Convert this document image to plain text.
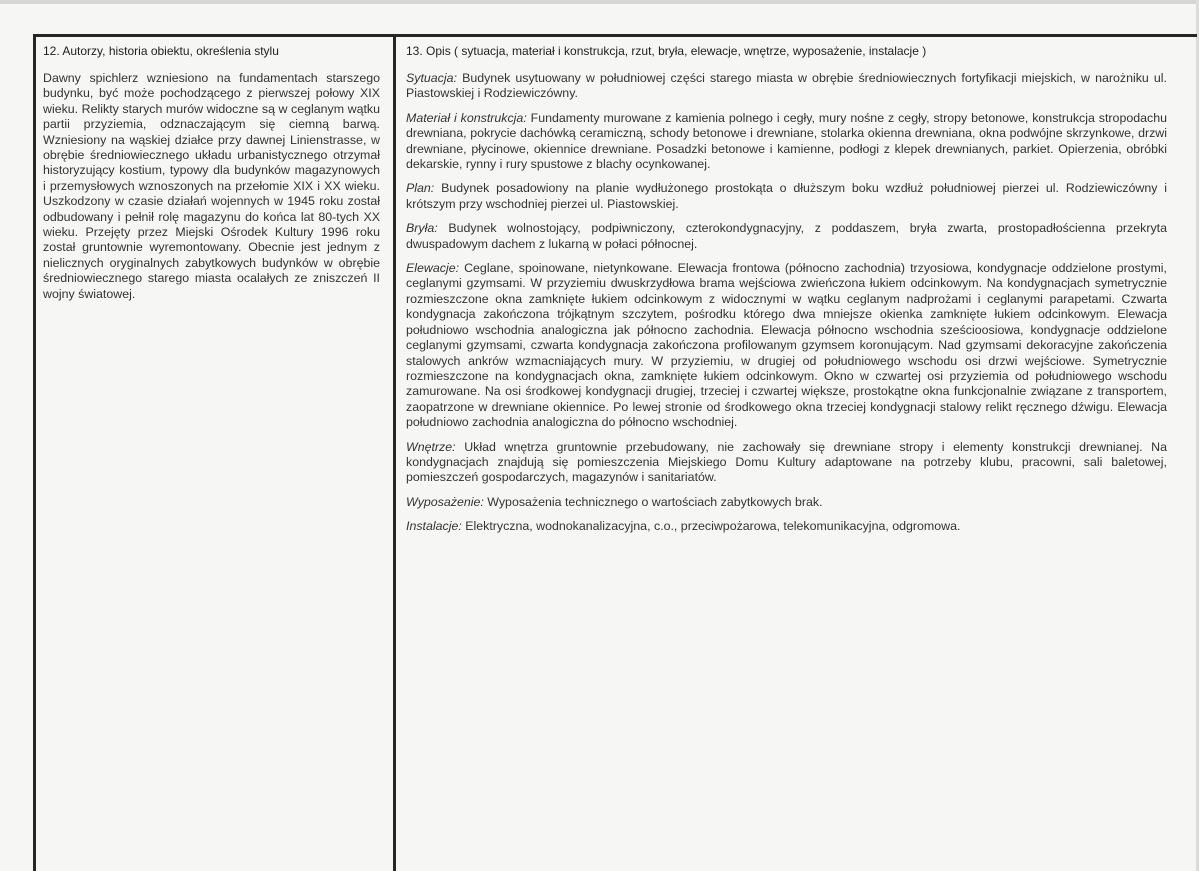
12. Autorzy, historia obiektu, określenia stylu

Dawny spichlerz wzniesiono na fundamentach starszego budynku, być może pochodzącego z pierwszej połowy XIX wieku. Relikty starych murów widoczne są w ceglanym wątku partii przyziemia, odznaczającym się ciemną barwą. Wzniesiony na wąskiej działce przy dawnej Linienstrasse, w obrębie średniowiecznego układu urbanistycznego otrzymał historyzujący kostium, typowy dla budynków magazynowych i przemysłowych wznoszonych na przełomie XIX i XX wieku. Uszkodzony w czasie działań wojennych w 1945 roku został odbudowany i pełnił rolę magazynu do końca lat 80-tych XX wieku. Przejęty przez Miejski Ośrodek Kultury 1996 roku został gruntownie wyremontowany. Obecnie jest jednym z nielicznych oryginalnych zabytkowych budynków w obrębie średniowiecznego starego miasta ocalałych ze zniszczeń II wojny światowej.

13. Opis ( sytuacja, materiał i konstrukcja, rzut, bryła, elewacje, wnętrze, wyposażenie, instalacje )

Sytuacja: Budynek usytuowany w południowej części starego miasta w obrębie średniowiecznych fortyfikacji miejskich, w narożniku ul. Piastowskiej i Rodziewiczówny.

Materiał i konstrukcja: Fundamenty murowane z kamienia polnego i cegły, mury nośne z cegły, stropy betonowe, konstrukcja stropodachu drewniana, pokrycie dachówką ceramiczną, schody betonowe i drewniane, stolarka okienna drewniana, okna podwójne skrzynkowe, drzwi drewniane, płycinowe, okiennice drewniane. Posadzki betonowe i kamienne, podłogi z klepek drewnianych, parkiet. Opierzenia, obróbki dekarskie, rynny i rury spustowe z blachy ocynkowanej.

Plan: Budynek posadowiony na planie wydłużonego prostokąta o dłuższym boku wzdłuż południowej pierzei ul. Rodziewiczówny i krótszym przy wschodniej pierzei ul. Piastowskiej.

Bryła: Budynek wolnostojący, podpiwniczony, czterokondygnacyjny, z poddaszem, bryła zwarta, prostopadłościenna przekryta dwuspadowym dachem z lukarną w połaci północnej.

Elewacje: Ceglane, spoinowane, nietynkowane. Elewacja frontowa (północno zachodnia) trzyosiowa, kondygnacje oddzielone prostymi, ceglanymi gzymsami. W przyziemiu dwuskrzydłowa brama wejściowa zwieńczona łukiem odcinkowym. Na kondygnacjach symetrycznie rozmieszczone okna zamknięte łukiem odcinkowym z widocznymi w wątku ceglanym nadprożami i ceglanymi parapetami. Czwarta kondygnacja zakończona trójkątnym szczytem, pośrodku którego dwa mniejsze okienka zamknięte łukiem odcinkowym. Elewacja południowo wschodnia analogiczna jak północno zachodnia. Elewacja północno wschodnia sześcioosiowa, kondygnacje oddzielone ceglanymi gzymsami, czwarta kondygnacja zakończona profilowanym gzymsem koronującym. Nad gzymsami dekoracyjne zakończenia stalowych ankrów wzmacniających mury. W przyziemiu, w drugiej od południowego wschodu osi drzwi wejściowe. Symetrycznie rozmieszczone na kondygnacjach okna, zamknięte łukiem odcinkowym. Okno w czwartej osi przyziemia od południowego wschodu zamurowane. Na osi środkowej kondygnacji drugiej, trzeciej i czwartej większe, prostokątne okna funkcjonalnie związane z transportem, zaopatrzone w drewniane okiennice. Po lewej stronie od środkowego okna trzeciej kondygnacji stalowy relikt ręcznego dźwigu. Elewacja południowo zachodnia analogiczna do północno wschodniej.

Wnętrze: Układ wnętrza gruntownie przebudowany, nie zachowały się drewniane stropy i elementy konstrukcji drewnianej. Na kondygnacjach znajdują się pomieszczenia Miejskiego Domu Kultury adaptowane na potrzeby klubu, pracowni, sali baletowej, pomieszczeń gospodarczych, magazynów i sanitariatów.

Wyposażenie: Wyposażenia technicznego o wartościach zabytkowych brak.

Instalacje: Elektryczna, wodnokanalizacyjna, c.o., przeciwpożarowa, telekomunikacyjna, odgromowa.
